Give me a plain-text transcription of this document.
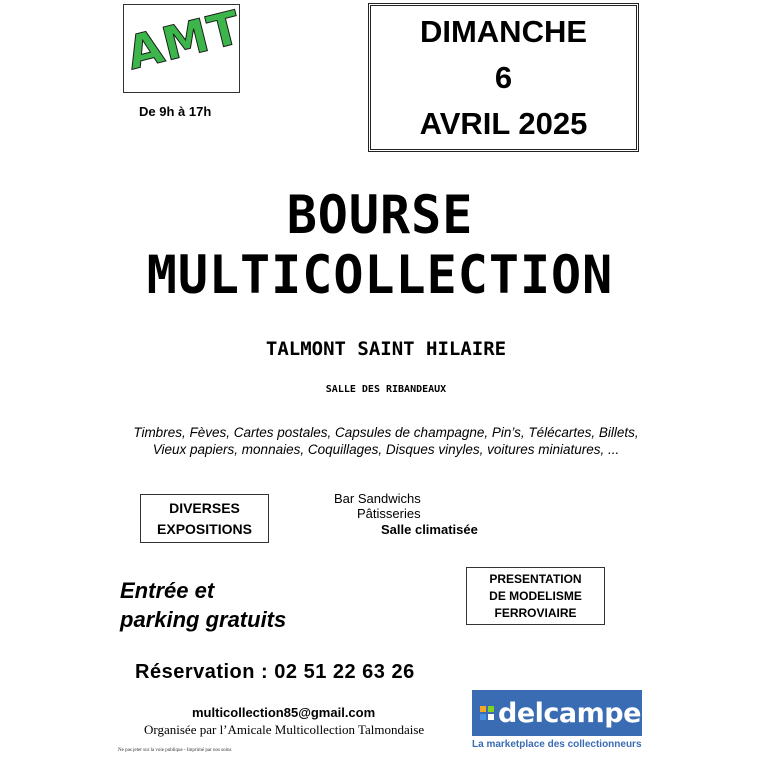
AMT
De 9h à 17h
DIMANCHE
6
AVRIL 2025
BOURSE
MULTICOLLECTION
TALMONT SAINT HILAIRE
SALLE DES RIBANDEAUX
Timbres, Fèves, Cartes postales, Capsules de champagne, Pin’s, Télécartes, Billets,
Vieux papiers, monnaies, Coquillages, Disques vinyles, voitures miniatures, ...
DIVERSES
EXPOSITIONS
Bar Sandwichs
Pâtisseries
Salle climatisée
Entrée et
parking gratuits
PRESENTATION
DE MODELISME
FERROVIAIRE
Réservation : 02 51 22 63 26
multicollection85@gmail.com
Organisée par l’Amicale Multicollection Talmondaise
Ne pas jeter sur la voie publique - Imprimé par nos soins
delcampe
La marketplace des collectionneurs
